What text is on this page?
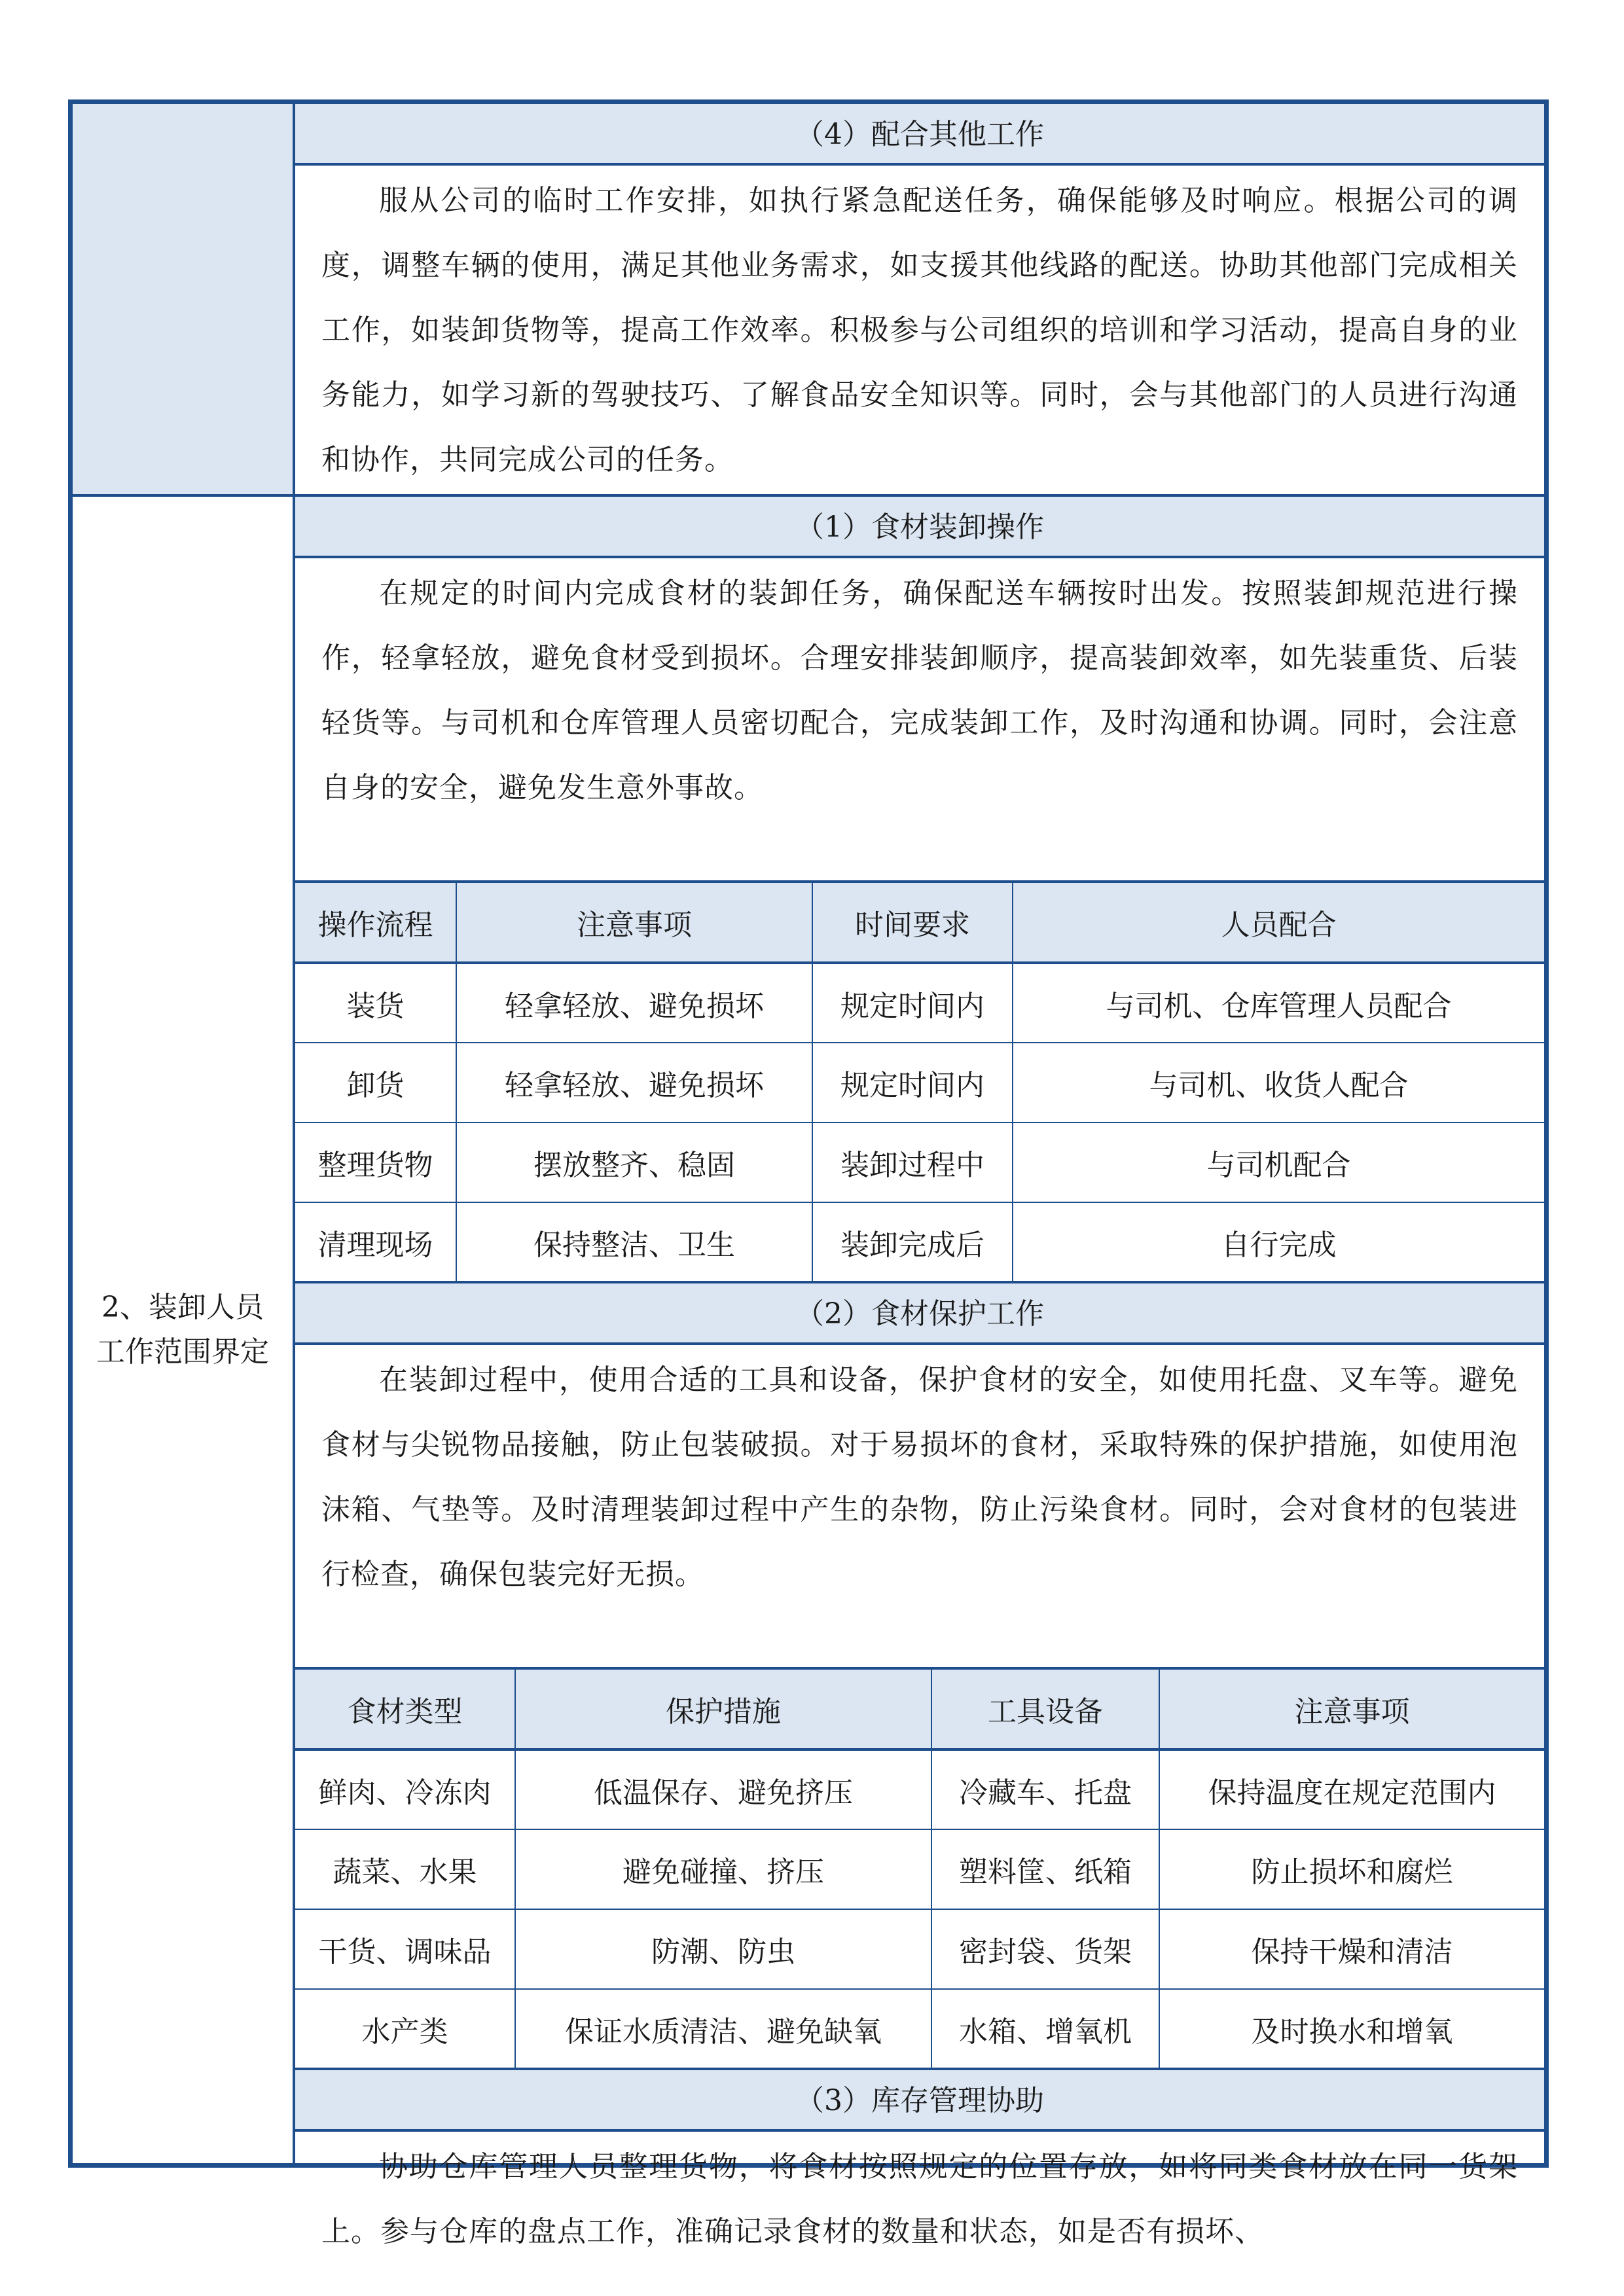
2、装卸人员工作范围界定
（4）配合其他工作
服从公司的临时工作安排，如执行紧急配送任务，确保能够及时响应。根据公司的调度，调整车辆的使用，满足其他业务需求，如支援其他线路的配送。协助其他部门完成相关工作，如装卸货物等，提高工作效率。积极参与公司组织的培训和学习活动，提高自身的业务能力，如学习新的驾驶技巧、了解食品安全知识等。同时，会与其他部门的人员进行沟通和协作，共同完成公司的任务。
（1）食材装卸操作
在规定的时间内完成食材的装卸任务，确保配送车辆按时出发。按照装卸规范进行操作，轻拿轻放，避免食材受到损坏。合理安排装卸顺序，提高装卸效率，如先装重货、后装轻货等。与司机和仓库管理人员密切配合，完成装卸工作，及时沟通和协调。同时，会注意自身的安全，避免发生意外事故。
操作流程	注意事项	时间要求	人员配合
装货	轻拿轻放、避免损坏	规定时间内	与司机、仓库管理人员配合
卸货	轻拿轻放、避免损坏	规定时间内	与司机、收货人配合
整理货物	摆放整齐、稳固	装卸过程中	与司机配合
清理现场	保持整洁、卫生	装卸完成后	自行完成
（2）食材保护工作
在装卸过程中，使用合适的工具和设备，保护食材的安全，如使用托盘、叉车等。避免食材与尖锐物品接触，防止包装破损。对于易损坏的食材，采取特殊的保护措施，如使用泡沫箱、气垫等。及时清理装卸过程中产生的杂物，防止污染食材。同时，会对食材的包装进行检查，确保包装完好无损。
食材类型	保护措施	工具设备	注意事项
鲜肉、冷冻肉	低温保存、避免挤压	冷藏车、托盘	保持温度在规定范围内
蔬菜、水果	避免碰撞、挤压	塑料筐、纸箱	防止损坏和腐烂
干货、调味品	防潮、防虫	密封袋、货架	保持干燥和清洁
水产类	保证水质清洁、避免缺氧	水箱、增氧机	及时换水和增氧
（3）库存管理协助
协助仓库管理人员整理货物，将食材按照规定的位置存放，如将同类食材放在同一货架上。参与仓库的盘点工作，准确记录食材的数量和状态，如是否有损坏、
